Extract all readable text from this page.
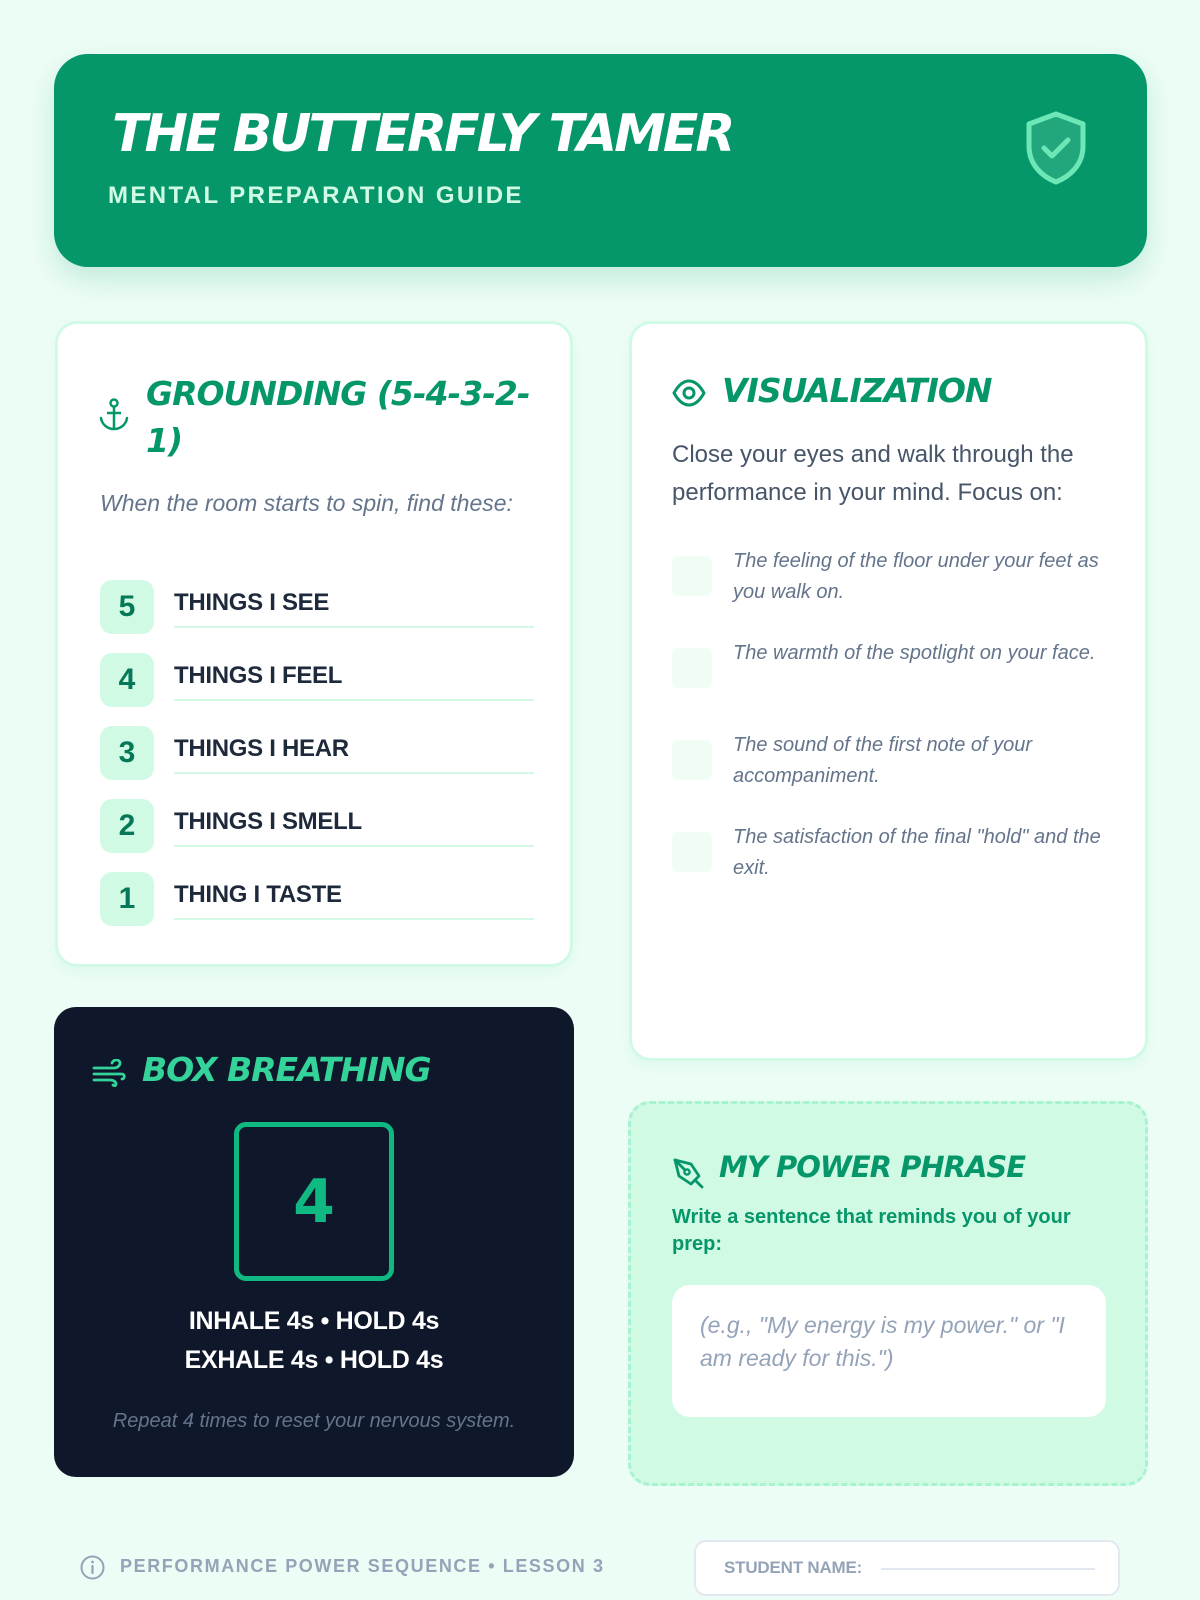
THE BUTTERFLY TAMER
MENTAL PREPARATION GUIDE
GROUNDING (5-4-3-2-1)
When the room starts to spin, find these:
5	THINGS I SEE
4	THINGS I FEEL
3	THINGS I HEAR
2	THINGS I SMELL
1	THING I TASTE
VISUALIZATION
Close your eyes and walk through the performance in your mind. Focus on:
The feeling of the floor under your feet as you walk on.
The warmth of the spotlight on your face.
The sound of the first note of your accompaniment.
The satisfaction of the final "hold" and the exit.
BOX BREATHING
4
INHALE 4s • HOLD 4s
EXHALE 4s • HOLD 4s
Repeat 4 times to reset your nervous system.
MY POWER PHRASE
Write a sentence that reminds you of your prep:
(e.g., "My energy is my power." or "I am ready for this.")
PERFORMANCE POWER SEQUENCE • LESSON 3	STUDENT NAME:
